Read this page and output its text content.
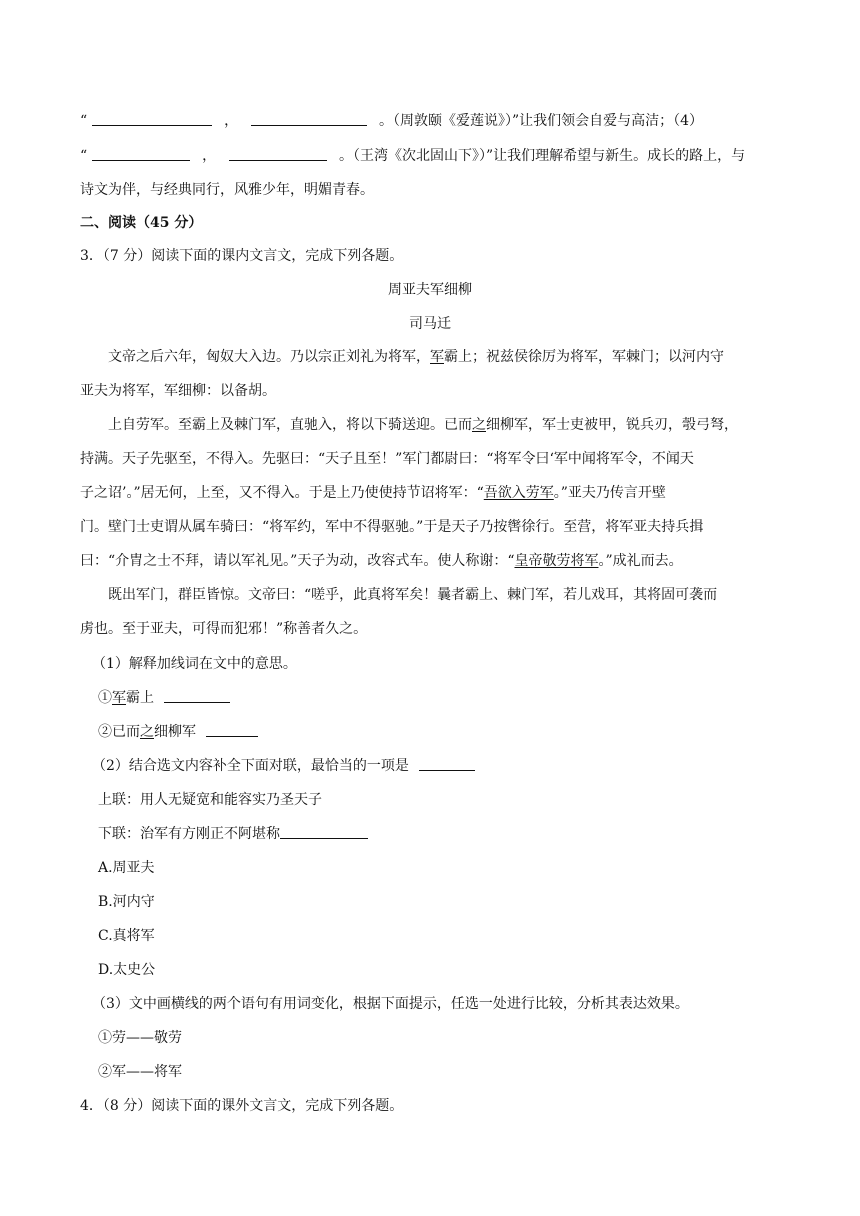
“	，	。（周敦颐《爱莲说》）”让我们领会自爱与高洁；（4）
“	，	。（王湾《次北固山下》）”让我们理解希望与新生。成长的路上，与
诗文为伴，与经典同行，风雅少年，明媚青春。
二、阅读（45 分）
3．（7 分）阅读下面的课内文言文，完成下列各题。
周亚夫军细柳
司马迁
文帝之后六年，匈奴大入边。乃以宗正刘礼为将军，军霸上；祝兹侯徐厉为将军，军棘门；以河内守
亚夫为将军，军细柳：以备胡。
上自劳军。至霸上及棘门军，直驰入，将以下骑送迎。已而之细柳军，军士吏被甲，锐兵刃，彀弓弩，
持满。天子先驱至，不得入。先驱曰：“天子且至！”军门都尉曰：“将军令曰‘军中闻将军令，不闻天
子之诏’。”居无何，上至，又不得入。于是上乃使使持节诏将军：“吾欲入劳军。”亚夫乃传言开壁
门。壁门士吏谓从属车骑曰：“将军约，军中不得驱驰。”于是天子乃按辔徐行。至营，将军亚夫持兵揖
曰：“介胄之士不拜，请以军礼见。”天子为动，改容式车。使人称谢：“皇帝敬劳将军。”成礼而去。
既出军门，群臣皆惊。文帝曰：“嗟乎，此真将军矣！曩者霸上、棘门军，若儿戏耳，其将固可袭而
虏也。至于亚夫，可得而犯邪！”称善者久之。
（1）解释加线词在文中的意思。
①军霸上
②已而之细柳军
（2）结合选文内容补全下面对联，最恰当的一项是
上联：用人无疑宽和能容实乃圣天子
下联：治军有方刚正不阿堪称
A.周亚夫
B.河内守
C.真将军
D.太史公
（3）文中画横线的两个语句有用词变化，根据下面提示，任选一处进行比较，分析其表达效果。
①劳——敬劳
②军——将军
4．（8 分）阅读下面的课外文言文，完成下列各题。
